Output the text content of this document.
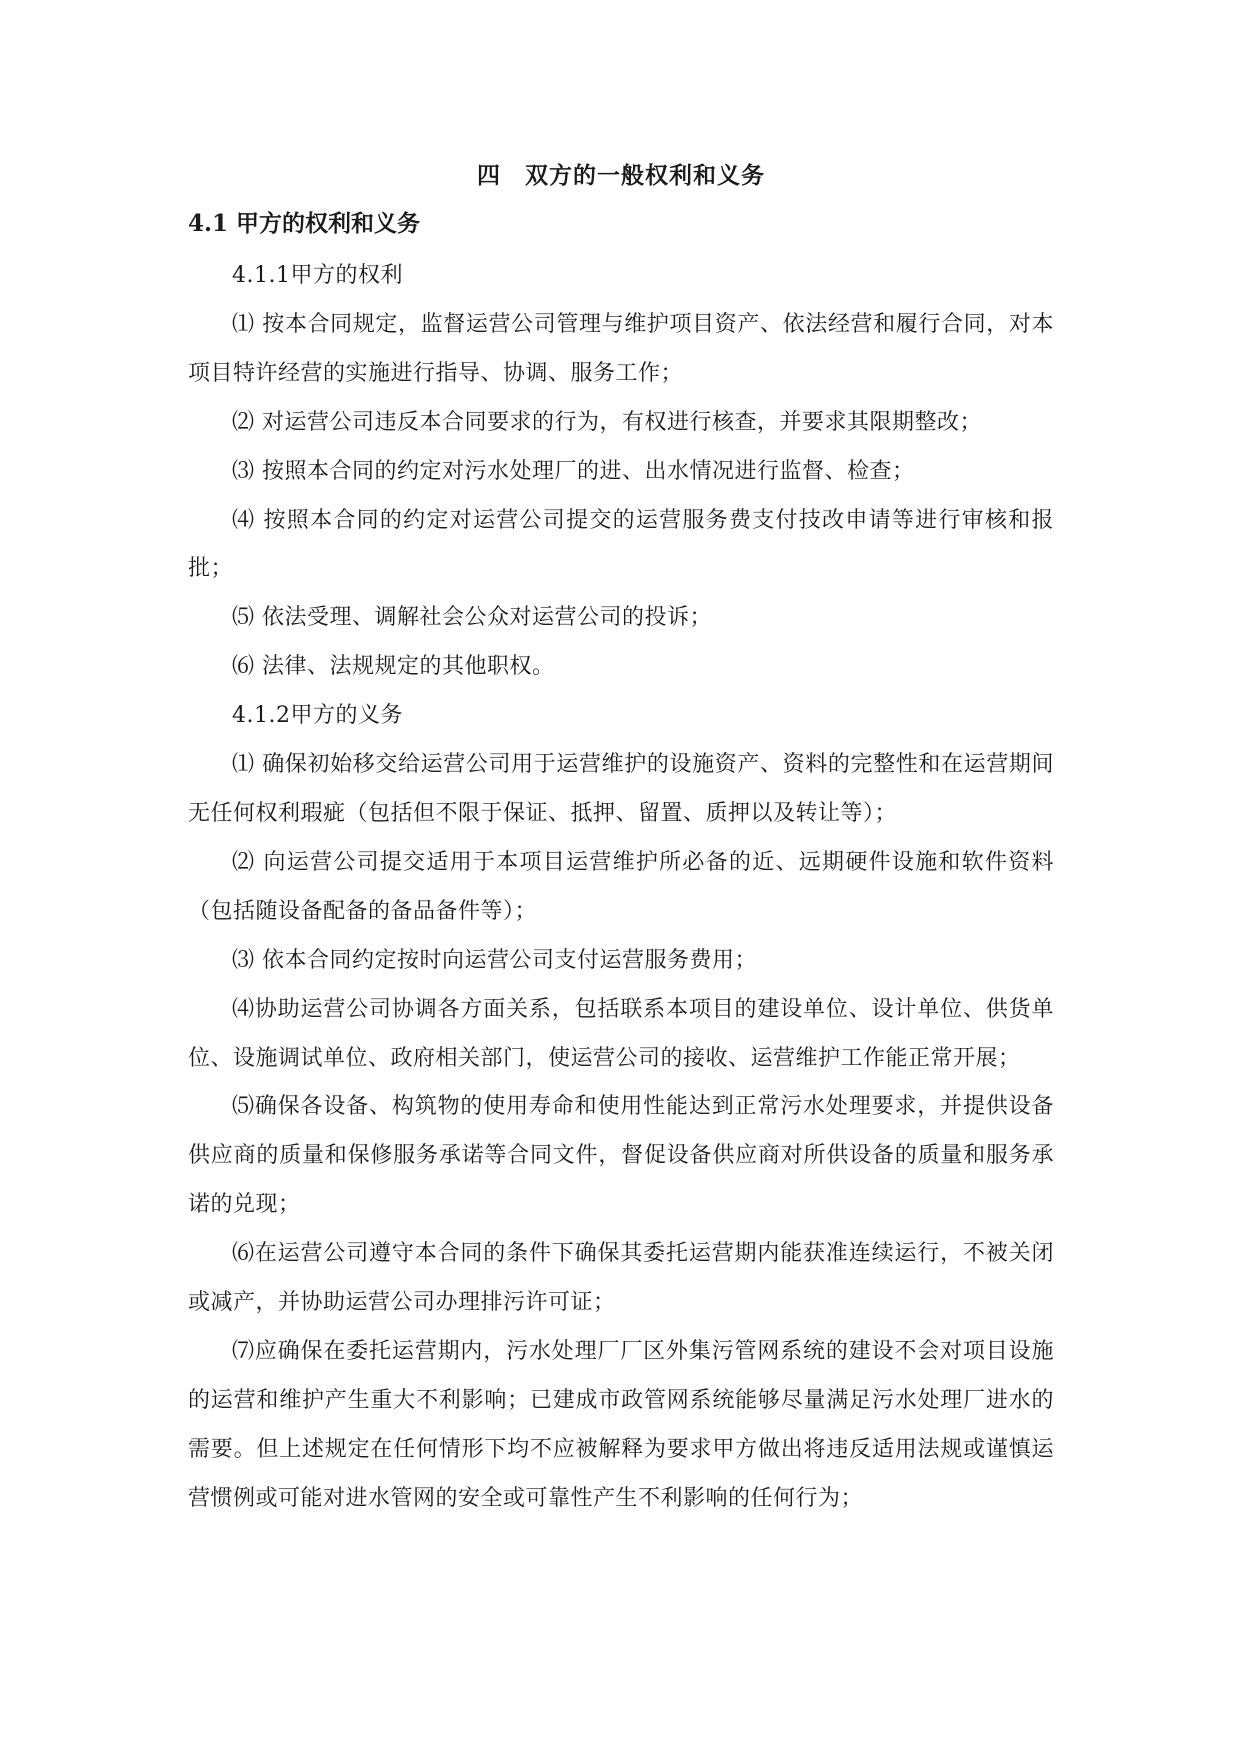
四　双方的一般权利和义务
4.1 甲方的权利和义务

4.1.1甲方的权利

⑴ 按本合同规定，监督运营公司管理与维护项目资产、依法经营和履行合同，对本项目特许经营的实施进行指导、协调、服务工作；

⑵ 对运营公司违反本合同要求的行为，有权进行核查，并要求其限期整改；

⑶ 按照本合同的约定对污水处理厂的进、出水情况进行监督、检查；

⑷ 按照本合同的约定对运营公司提交的运营服务费支付技改申请等进行审核和报批；

⑸ 依法受理、调解社会公众对运营公司的投诉；

⑹ 法律、法规规定的其他职权。

4.1.2甲方的义务

⑴ 确保初始移交给运营公司用于运营维护的设施资产、资料的完整性和在运营期间无任何权利瑕疵（包括但不限于保证、抵押、留置、质押以及转让等）；

⑵ 向运营公司提交适用于本项目运营维护所必备的近、远期硬件设施和软件资料（包括随设备配备的备品备件等）；

⑶ 依本合同约定按时向运营公司支付运营服务费用；

⑷协助运营公司协调各方面关系，包括联系本项目的建设单位、设计单位、供货单位、设施调试单位、政府相关部门，使运营公司的接收、运营维护工作能正常开展；

⑸确保各设备、构筑物的使用寿命和使用性能达到正常污水处理要求，并提供设备供应商的质量和保修服务承诺等合同文件，督促设备供应商对所供设备的质量和服务承诺的兑现；

⑹在运营公司遵守本合同的条件下确保其委托运营期内能获准连续运行，不被关闭或减产，并协助运营公司办理排污许可证；

⑺应确保在委托运营期内，污水处理厂厂区外集污管网系统的建设不会对项目设施的运营和维护产生重大不利影响；已建成市政管网系统能够尽量满足污水处理厂进水的需要。但上述规定在任何情形下均不应被解释为要求甲方做出将违反适用法规或谨慎运营惯例或可能对进水管网的安全或可靠性产生不利影响的任何行为；
